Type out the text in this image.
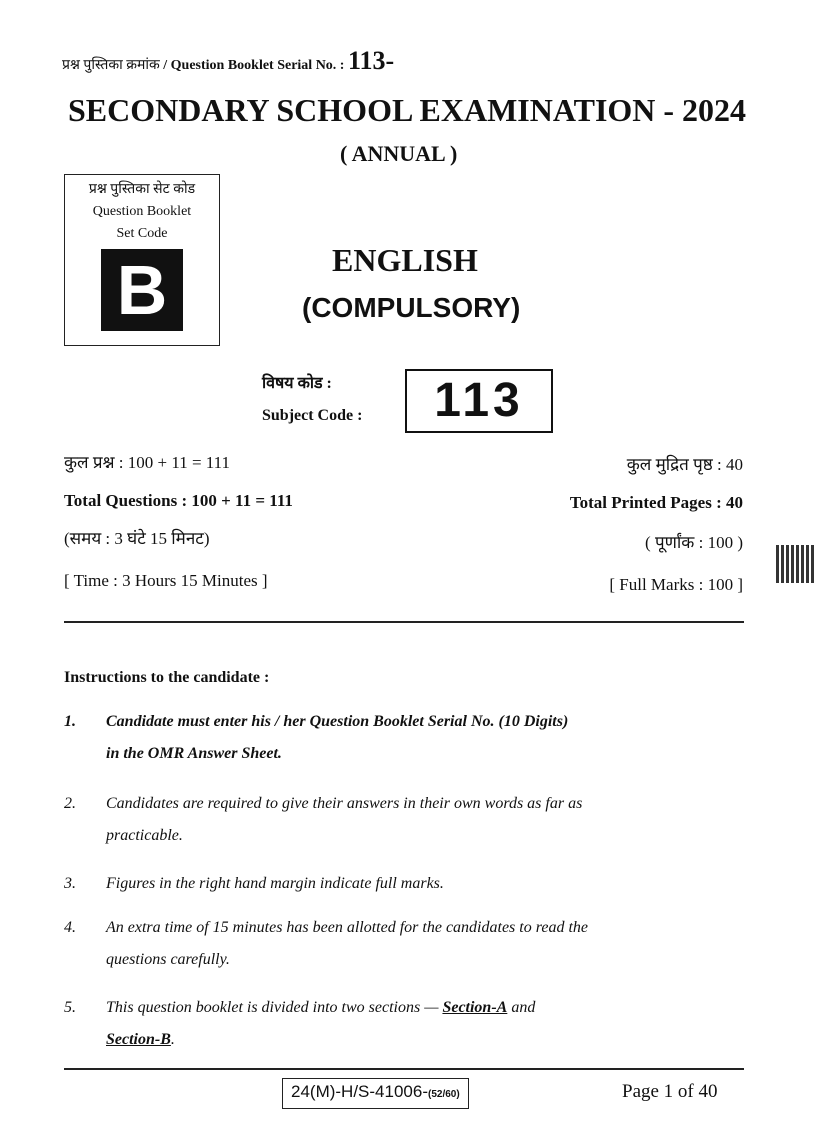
प्रश्न पुस्तिका क्रमांक / Question Booklet Serial No. : 113-
SECONDARY SCHOOL EXAMINATION - 2024
( ANNUAL )
प्रश्न पुस्तिका सेट कोड
Question Booklet
Set Code
B	ENGLISH
(COMPULSORY)
विषय कोड :
Subject Code :	113
कुल प्रश्न : 100 + 11 = 111
Total Questions : 100 + 11 = 111
(समय : 3 घंटे 15 मिनट)
[ Time : 3 Hours 15 Minutes ]
कुल मुद्रित पृष्ठ : 40
Total Printed Pages : 40
( पूर्णांक : 100 )
[ Full Marks : 100 ]
Instructions to the candidate :
1. Candidate must enter his / her Question Booklet Serial No. (10 Digits)
in the OMR Answer Sheet.
2. Candidates are required to give their answers in their own words as far as
practicable.
3. Figures in the right hand margin indicate full marks.
4. An extra time of 15 minutes has been allotted for the candidates to read the
questions carefully.
5. This question booklet is divided into two sections — Section-A and
Section-B.
24(M)-H/S-41006-(52/60)	Page 1 of 40
